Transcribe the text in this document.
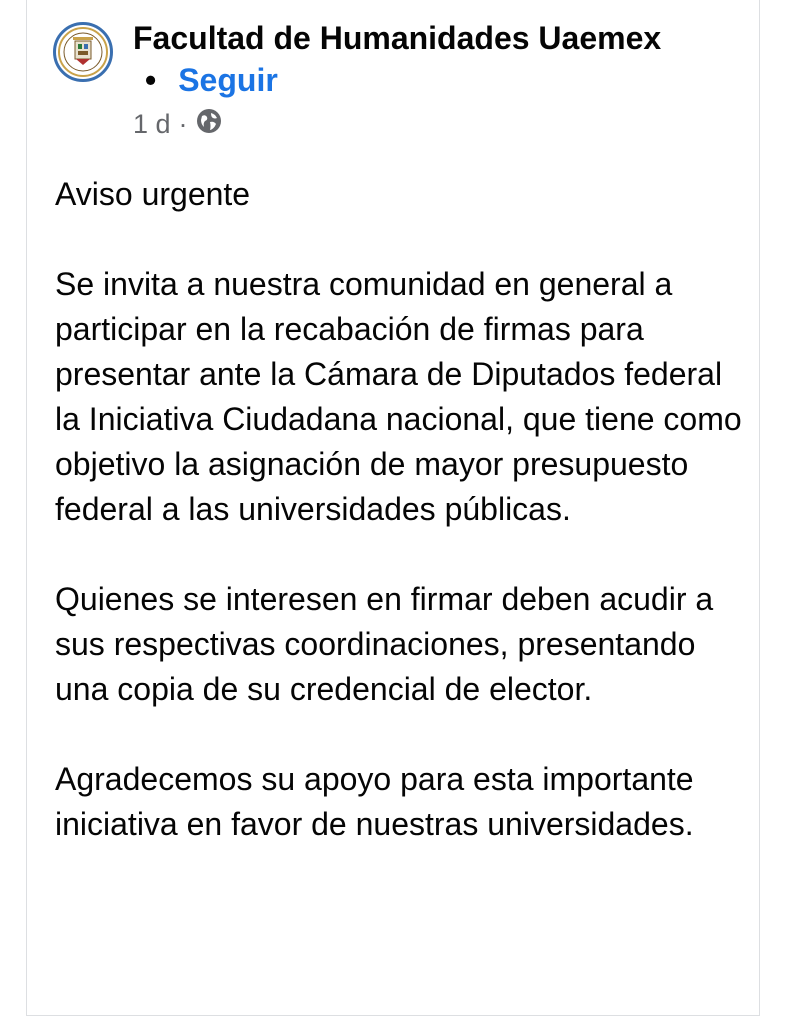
Facultad de Humanidades Uaemex
• Seguir
1 d ·
Aviso urgente

Se invita a nuestra comunidad en general a participar en la recabación de firmas para presentar ante la Cámara de Diputados federal la Iniciativa Ciudadana nacional, que tiene como objetivo la asignación de mayor presupuesto federal a las universidades públicas.

Quienes se interesen en firmar deben acudir a sus respectivas coordinaciones, presentando una copia de su credencial de elector.

Agradecemos su apoyo para esta importante iniciativa en favor de nuestras universidades.
